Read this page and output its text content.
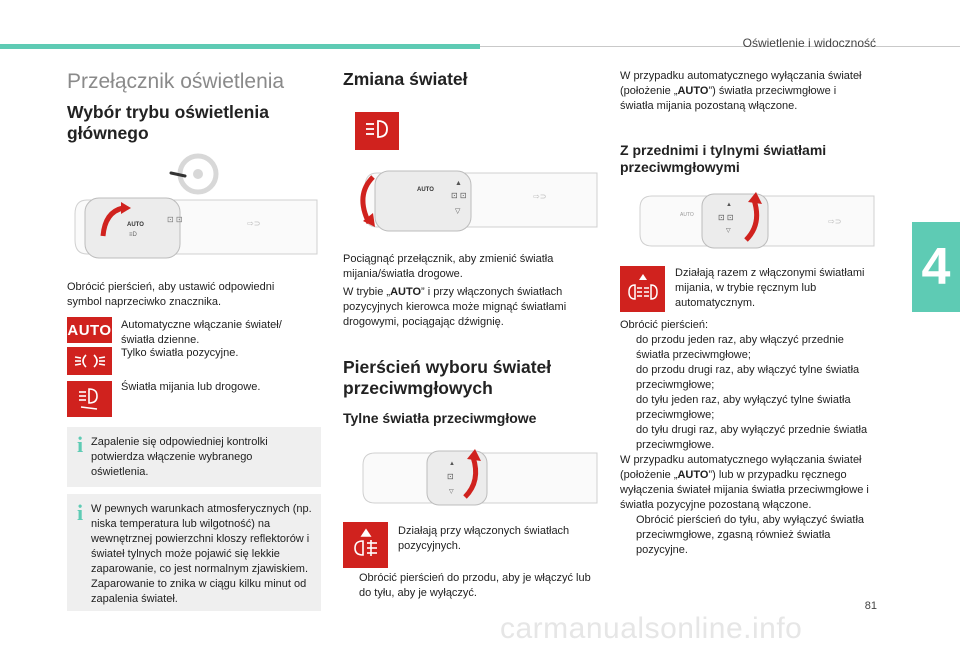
Oświetlenie i widoczność
4
81
Przełącznik oświetlenia
Wybór trybu oświetlenia głównego
AUTO
≡D
⊡ ⊡	⇨⊃
Obrócić pierścień, aby ustawić odpowiedni symbol naprzeciwko znacznika.
AUTO Automatyczne włączanie świateł/ światła dzienne.
Tylko światła pozycyjne.
Światła mijania lub drogowe.
i Zapalenie się odpowiedniej kontrolki potwierdza włączenie wybranego oświetlenia.
i W pewnych warunkach atmosferycznych (np. niska temperatura lub wilgotność) na wewnętrznej powierzchni kloszy reflektorów i świateł tylnych może pojawić się lekkie zaparowanie, co jest normalnym zjawiskiem. Zaparowanie to znika w ciągu kilku minut od zapalenia świateł.
Zmiana świateł
AUTO
▲
⊡ ⊡
▽
⇨⊃
Pociągnąć przełącznik, aby zmienić światła mijania/światła drogowe.
W trybie „AUTO” i przy włączonych światłach pozycyjnych kierowca może mignąć światłami drogowymi, pociągając dźwignię.
Pierścień wyboru świateł przeciwmgłowych
Tylne światła przeciwmgłowe
▲
⊡
▽
Działają przy włączonych światłach pozycyjnych.
Obrócić pierścień do przodu, aby je włączyć lub do tyłu, aby je wyłączyć.
W przypadku automatycznego wyłączania świateł (położenie „AUTO”) światła przeciwmgłowe i światła mijania pozostaną włączone.
Z przednimi i tylnymi światłami przeciwmgłowymi
AUTO
▲
⊡ ⊡
▽
⇨⊃
Działają razem z włączonymi światłami mijania, w trybie ręcznym lub automatycznym.
Obrócić pierścień:
do przodu jeden raz, aby włączyć przednie światła przeciwmgłowe;
do przodu drugi raz, aby włączyć tylne światła przeciwmgłowe;
do tyłu jeden raz, aby wyłączyć tylne światła przeciwmgłowe;
do tyłu drugi raz, aby wyłączyć przednie światła przeciwmgłowe.
W przypadku automatycznego wyłączania świateł (położenie „AUTO”) lub w przypadku ręcznego wyłączenia świateł mijania światła przeciwmgłowe i światła pozycyjne pozostaną włączone.
Obrócić pierścień do tyłu, aby wyłączyć światła przeciwmgłowe, zgasną również światła pozycyjne.
carmanualsonline.info
